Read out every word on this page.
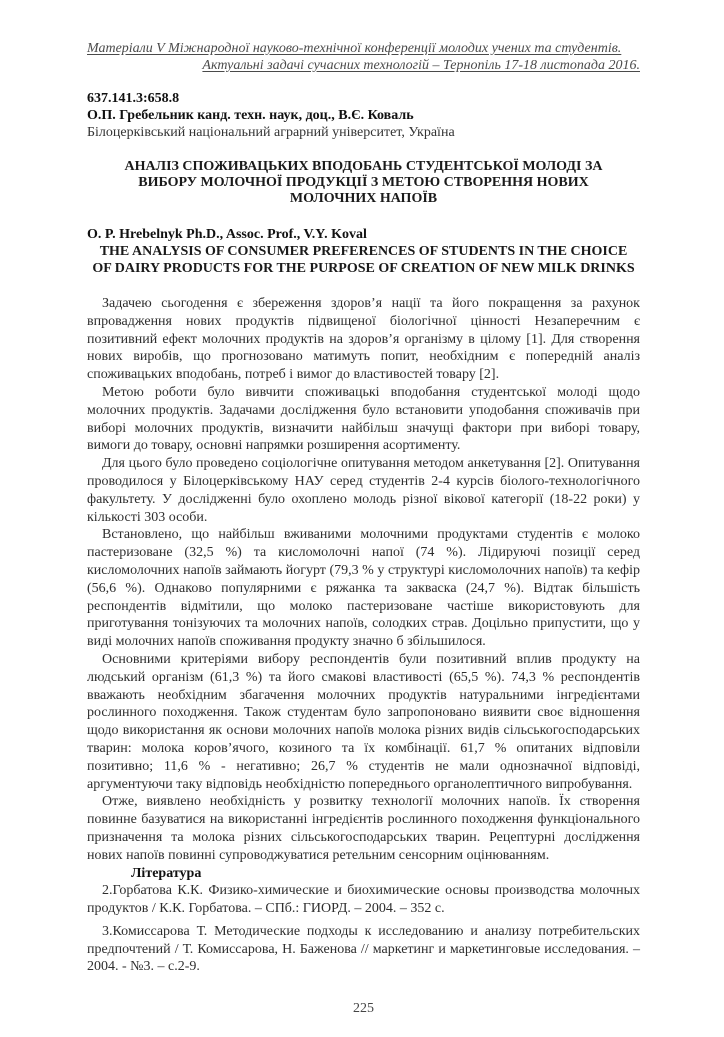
Матеріали V Міжнародної науково-технічної конференції молодих учених та студентів.
Актуальні задачі сучасних технологій – Тернопіль 17-18 листопада 2016.
637.141.3:658.8
О.П. Гребельник канд. техн. наук, доц., В.Є. Коваль
Білоцерківський національний аграрний університет, Україна
АНАЛІЗ СПОЖИВАЦЬКИХ ВПОДОБАНЬ СТУДЕНТСЬКОЇ МОЛОДІ ЗА ВИБОРУ МОЛОЧНОЇ ПРОДУКЦІЇ З МЕТОЮ СТВОРЕННЯ НОВИХ МОЛОЧНИХ НАПОЇВ
O. P. Hrebelnyk Ph.D., Assoc. Prof., V.Y. Koval
THE ANALYSIS OF CONSUMER PREFERENCES OF STUDENTS IN THE CHOICE OF DAIRY PRODUCTS FOR THE PURPOSE OF CREATION OF NEW MILK DRINKS

Задачею сьогодення є збереження здоров’я нації та його покращення за рахунок впровадження нових продуктів підвищеної біологічної цінності Незаперечним є позитивний ефект молочних продуктів на здоров’я організму в цілому [1]. Для створення нових виробів, що прогнозовано матимуть попит, необхідним є попередній аналіз споживацьких вподобань, потреб і вимог до властивостей товару [2].

Метою роботи було вивчити споживацькі вподобання студентської молоді щодо молочних продуктів. Задачами дослідження було встановити уподобання споживачів при виборі молочних продуктів, визначити найбільш значущі фактори при виборі товару, вимоги до товару, основні напрямки розширення асортименту.

Для цього було проведено соціологічне опитування методом анкетування [2]. Опитування проводилося у Білоцерківському НАУ серед студентів 2-4 курсів біолого-технологічного факультету. У дослідженні було охоплено молодь різної вікової категорії (18-22 роки) у кількості 303 особи.

Встановлено, що найбільш вживаними молочними продуктами студентів є молоко пастеризоване (32,5 %) та кисломолочні напої (74 %). Лідируючі позиції серед кисломолочних напоїв займають йогурт (79,3 % у структурі кисломолочних напоїв) та кефір (56,6 %). Однаково популярними є ряжанка та закваска (24,7 %). Відтак більшість респондентів відмітили, що молоко пастеризоване частіше використовують для приготування тонізуючих та молочних напоїв, солодких страв. Доцільно припустити, що у виді молочних напоїв споживання продукту значно б збільшилося.

Основними критеріями вибору респондентів були позитивний вплив продукту на людський організм (61,3 %) та його смакові властивості (65,5 %). 74,3 % респондентів вважають необхідним збагачення молочних продуктів натуральними інгредієнтами рослинного походження. Також студентам було запропоновано виявити своє відношення щодо використання як основи молочних напоїв молока різних видів сільськогосподарських тварин: молока коров’ячого, козиного та їх комбінації. 61,7 % опитаних відповіли позитивно; 11,6 % - негативно; 26,7 % студентів не мали однозначної відповіді, аргументуючи таку відповідь необхідністю попереднього органолептичного випробування.

Отже, виявлено необхідність у розвитку технології молочних напоїв. Їх створення повинне базуватися на використанні інгредієнтів рослинного походження функціонального призначення та молока різних сільськогосподарських тварин. Рецептурні дослідження нових напоїв повинні супроводжуватися ретельним сенсорним оцінюванням.

Література

2.Горбатова К.К. Физико-химические и биохимические основы производства молочных продуктов / К.К. Горбатова. – СПб.: ГИОРД. – 2004. – 352 с.

3.Комиссарова Т. Методические подходы к исследованию и анализу потребительских предпочтений / Т. Комиссарова, Н. Баженова // маркетинг и маркетинговые исследования. – 2004. - №3. – с.2-9.

225
